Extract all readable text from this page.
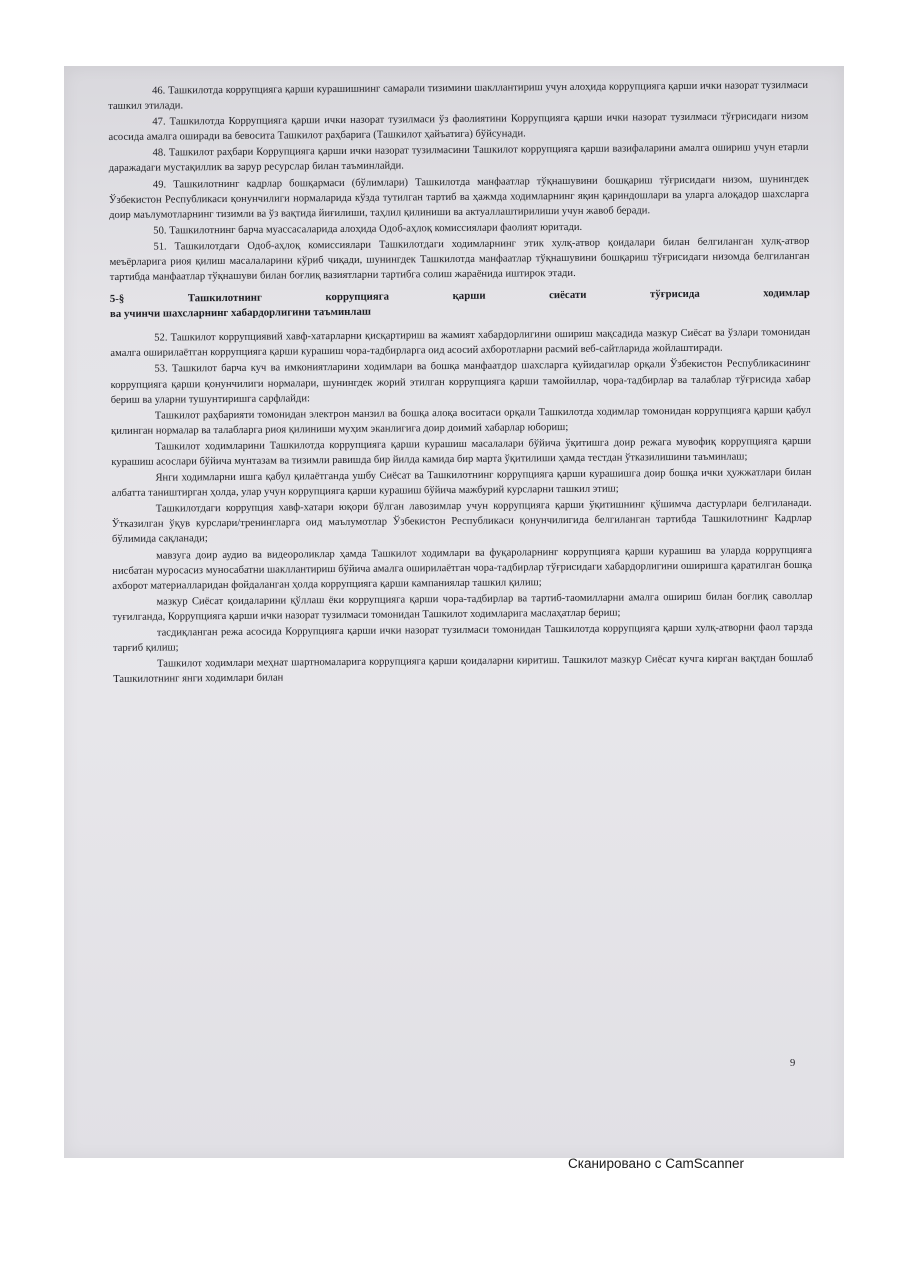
46. Ташкилотда коррупцияга қарши курашишнинг самарали тизимини шакллантириш учун алоҳида коррупцияга қарши ички назорат тузилмаси ташкил этилади.

47. Ташкилотда Коррупцияга қарши ички назорат тузилмаси ўз фаолиятини Коррупцияга қарши ички назорат тузилмаси тўғрисидаги низом асосида амалга оширади ва бевосита Ташкилот раҳбарига (Ташкилот ҳайъатига) бўйсунади.

48. Ташкилот раҳбари Коррупцияга қарши ички назорат тузилмасини Ташкилот коррупцияга қарши вазифаларини амалга ошириш учун етарли даражадаги мустақиллик ва зарур ресурслар билан таъминлайди.

49. Ташкилотнинг кадрлар бошқармаси (бўлимлари) Ташкилотда манфаатлар тўқнашувини бошқариш тўғрисидаги низом, шунингдек Ўзбекистон Республикаси қонунчилиги нормаларида кўзда тутилган тартиб ва ҳажмда ходимларнинг яқин қариндошлари ва уларга алоқадор шахсларга доир маълумотларнинг тизимли ва ўз вақтида йиғилиши, таҳлил қилиниши ва актуаллаштирилиши учун жавоб беради.

50. Ташкилотнинг барча муассасаларида алоҳида Одоб-аҳлоқ комиссиялари фаолият юритади.

51. Ташкилотдаги Одоб-аҳлоқ комиссиялари Ташкилотдаги ходимларнинг этик хулқ-атвор қоидалари билан белгиланган хулқ-атвор меъёрларига риоя қилиш масалаларини кўриб чиқади, шунингдек Ташкилотда манфаатлар тўқнашувини бошқариш тўғрисидаги низомда белгиланган тартибда манфаатлар тўқнашуви билан боғлиқ вазиятларни тартибга солиш жараёнида иштирок этади.

5-§ Ташкилотнинг коррупцияга қарши сиёсати тўғрисида ходимлар
ва учинчи шахсларнинг хабардорлигини таъминлаш

52. Ташкилот коррупциявий хавф-хатарларни қисқартириш ва жамият хабардорлигини ошириш мақсадида мазкур Сиёсат ва ўзлари томонидан амалга оширилаётган коррупцияга қарши курашиш чора-тадбирларга оид асосий ахборотларни расмий веб-сайтларида жойлаштиради.

53. Ташкилот барча куч ва имкониятларини ходимлари ва бошқа манфаатдор шахсларга қуйидагилар орқали Ўзбекистон Республикасининг коррупцияга қарши қонунчилиги нормалари, шунингдек жорий этилган коррупцияга қарши тамойиллар, чора-тадбирлар ва талаблар тўғрисида хабар бериш ва уларни тушунтиришга сарфлайди:

Ташкилот раҳбарияти томонидан электрон манзил ва бошқа алоқа воситаси орқали Ташкилотда ходимлар томонидан коррупцияга қарши қабул қилинган нормалар ва талабларга риоя қилиниши муҳим эканлигига доир доимий хабарлар юбориш;

Ташкилот ходимларини Ташкилотда коррупцияга қарши курашиш масалалари бўйича ўқитишга доир режага мувофиқ коррупцияга қарши курашиш асослари бўйича мунтазам ва тизимли равишда бир йилда камида бир марта ўқитилиши ҳамда тестдан ўтказилишини таъминлаш;

Янги ходимларни ишга қабул қилаётганда ушбу Сиёсат ва Ташкилотнинг коррупцияга қарши курашишга доир бошқа ички ҳужжатлари билан албатта таништирган ҳолда, улар учун коррупцияга қарши курашиш бўйича мажбурий курсларни ташкил этиш;

Ташкилотдаги коррупция хавф-хатари юқори бўлган лавозимлар учун коррупцияга қарши ўқитишнинг қўшимча дастурлари белгиланади. Ўтказилган ўқув курслари/тренингларга оид маълумотлар Ўзбекистон Республикаси қонунчилигида белгиланган тартибда Ташкилотнинг Кадрлар бўлимида сақланади;

мавзуга доир аудио ва видеороликлар ҳамда Ташкилот ходимлари ва фуқароларнинг коррупцияга қарши курашиш ва уларда коррупцияга нисбатан муросасиз муносабатни шакллантириш бўйича амалга оширилаётган чора-тадбирлар тўғрисидаги хабардорлигини оширишга қаратилган бошқа ахборот материалларидан фойдаланган ҳолда коррупцияга қарши кампаниялар ташкил қилиш;

мазкур Сиёсат қоидаларини қўллаш ёки коррупцияга қарши чора-тадбирлар ва тартиб-таомилларни амалга ошириш билан боғлиқ саволлар туғилганда, Коррупцияга қарши ички назорат тузилмаси томонидан Ташкилот ходимларига маслаҳатлар бериш;

тасдиқланган режа асосида Коррупцияга қарши ички назорат тузилмаси томонидан Ташкилотда коррупцияга қарши хулқ-атворни фаол тарзда тарғиб қилиш;

Ташкилот ходимлари меҳнат шартномаларига коррупцияга қарши қоидаларни киритиш. Ташкилот мазкур Сиёсат кучга кирган вақтдан бошлаб Ташкилотнинг янги ходимлари билан

9
Сканировано с CamScanner
